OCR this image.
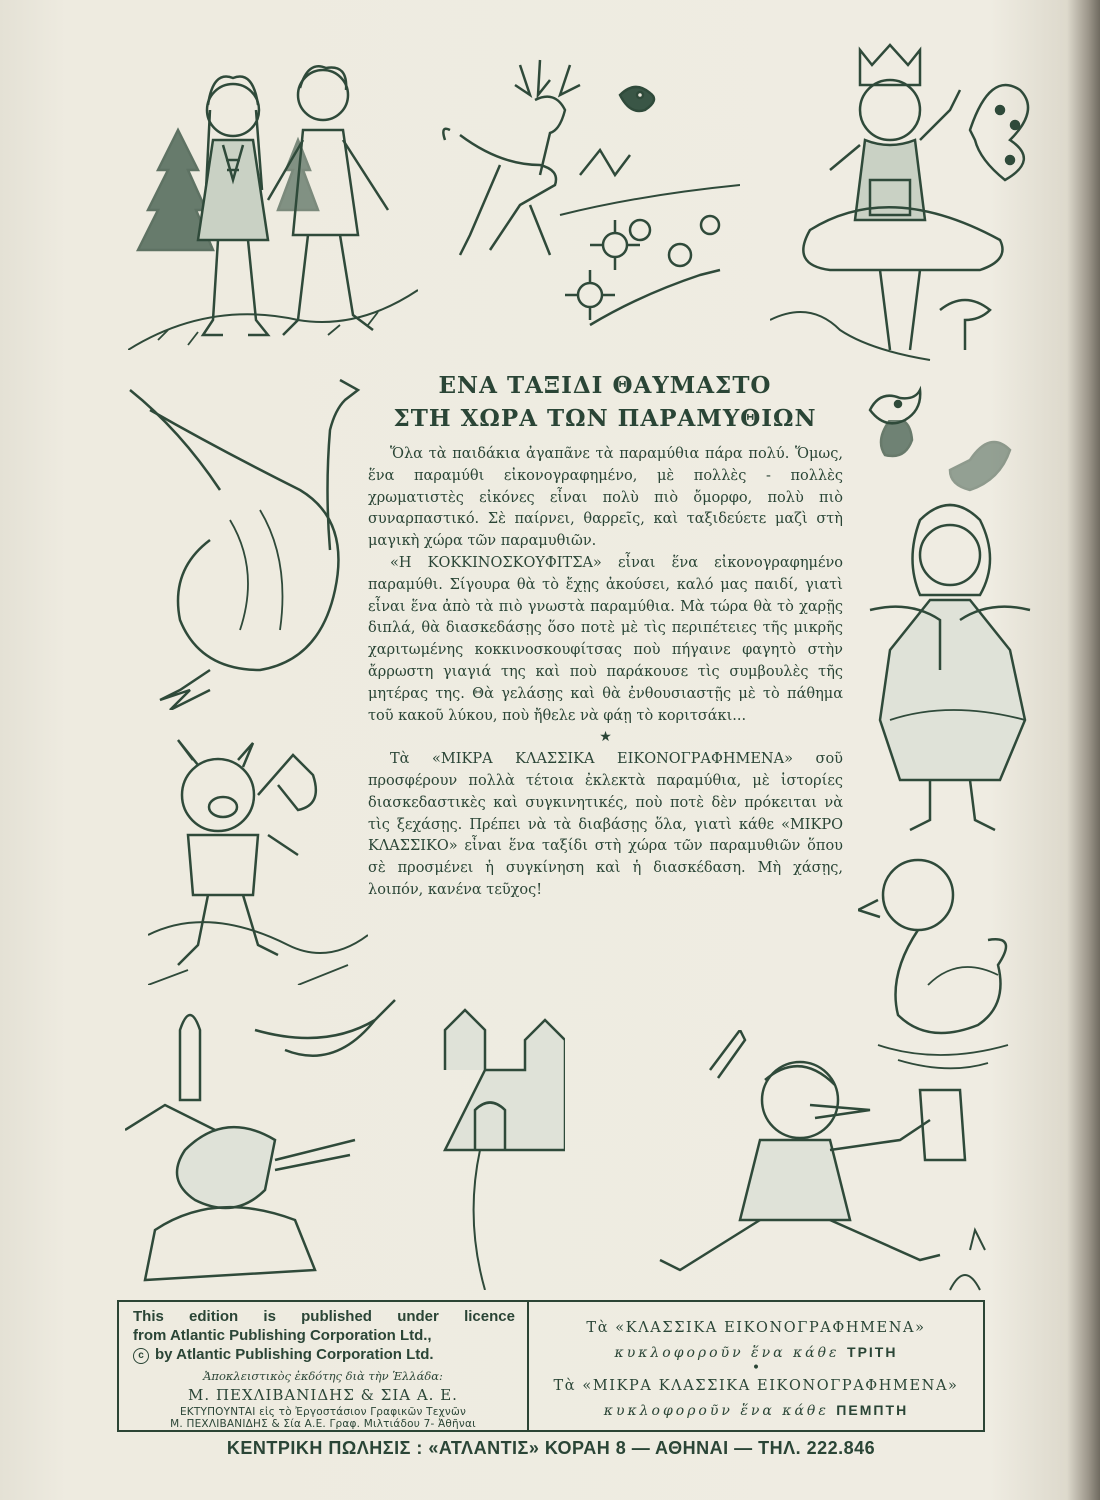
ΕΝΑ ΤΑΞΙΔΙ ΘΑΥΜΑΣΤΟ
ΣΤΗ ΧΩΡΑ ΤΩΝ ΠΑΡΑΜΥΘΙΩΝ

Ὅλα τὰ παιδάκια ἀγαπᾶνε τὰ παραμύθια πάρα πολύ. Ὅμως, ἕνα παραμύθι εἰκονογραφημένο, μὲ πολλὲς - πολλὲς χρωματιστὲς εἰκόνες εἶναι πολὺ πιὸ ὄμορφο, πολὺ πιὸ συναρπαστικό. Σὲ παίρνει, θαρρεῖς, καὶ ταξιδεύετε μαζὶ στὴ μαγικὴ χώρα τῶν παραμυθιῶν.

«Η ΚΟΚΚΙΝΟΣΚΟΥΦΙΤΣΑ» εἶναι ἕνα εἰκονογραφημένο παραμύθι. Σίγουρα θὰ τὸ ἔχῃς ἀκούσει, καλό μας παιδί, γιατὶ εἶναι ἕνα ἀπὸ τὰ πιὸ γνωστὰ παραμύθια. Μὰ τώρα θὰ τὸ χαρῇς διπλά, θὰ διασκεδάσῃς ὅσο ποτὲ μὲ τὶς περιπέτειες τῆς μικρῆς χαριτωμένης κοκκινοσκουφίτσας ποὺ πήγαινε φαγητὸ στὴν ἄρρωστη γιαγιά της καὶ ποὺ παράκουσε τὶς συμβουλὲς τῆς μητέρας της. Θὰ γελάσῃς καὶ θὰ ἐνθουσιαστῇς μὲ τὸ πάθημα τοῦ κακοῦ λύκου, ποὺ ἤθελε νὰ φάῃ τὸ κοριτσάκι...

★

Τὰ «ΜΙΚΡΑ ΚΛΑΣΣΙΚΑ ΕΙΚΟΝΟΓΡΑΦΗΜΕΝΑ» σοῦ προσφέρουν πολλὰ τέτοια ἐκλεκτὰ παραμύθια, μὲ ἱστορίες διασκεδαστικὲς καὶ συγκινητικές, ποὺ ποτὲ δὲν πρόκειται νὰ τὶς ξεχάσῃς. Πρέπει νὰ τὰ διαβάσῃς ὅλα, γιατὶ κάθε «ΜΙΚΡΟ ΚΛΑΣΣΙΚΟ» εἶναι ἕνα ταξίδι στὴ χώρα τῶν παραμυθιῶν ὅπου σὲ προσμένει ἡ συγκίνηση καὶ ἡ διασκέδαση. Μὴ χάσῃς, λοιπόν, κανένα τεῦχος!

This edition is published under licence
from Atlantic Publishing Corporation Ltd.,
c by Atlantic Publishing Corporation Ltd.
Ἀποκλειστικὸς ἐκδότης διὰ τὴν Ἑλλάδα:
Μ. ΠΕΧΛΙΒΑΝΙΔΗΣ & ΣΙΑ Α. Ε.
ΕΚΤΥΠΟΥΝΤΑΙ εἰς τὸ Ἐργοστάσιον Γραφικῶν Τεχνῶν
Μ. ΠΕΧΛΙΒΑΝΙΔΗΣ & Σία Α.Ε. Γραφ. Μιλτιάδου 7- Ἀθῆναι
Τὰ «ΚΛΑΣΣΙΚΑ ΕΙΚΟΝΟΓΡΑΦΗΜΕΝΑ»
κυκλοφοροῦν ἕνα κάθε ΤΡΙΤΗ
•
Τὰ «ΜΙΚΡΑ ΚΛΑΣΣΙΚΑ ΕΙΚΟΝΟΓΡΑΦΗΜΕΝΑ»
κυκλοφοροῦν ἕνα κάθε ΠΕΜΠΤΗ
ΚΕΝΤΡΙΚΗ ΠΩΛΗΣΙΣ : «ΑΤΛΑΝΤΙΣ» ΚΟΡΑΗ 8 — ΑΘΗΝΑΙ — ΤΗΛ. 222.846
